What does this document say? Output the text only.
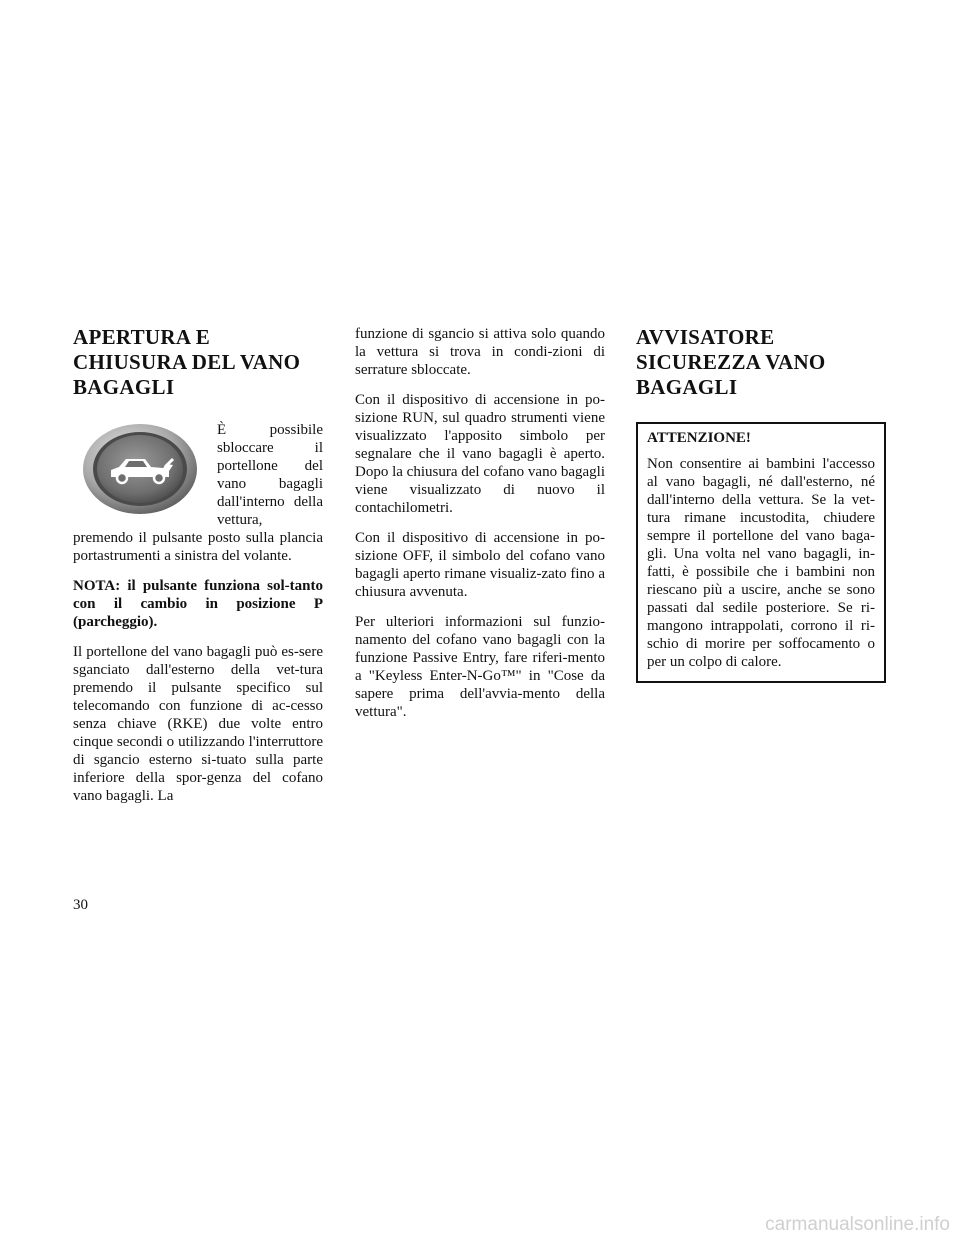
APERTURA E CHIUSURA DEL VANO BAGAGLI

È possibile sbloccare il portellone del vano bagagli dall'interno della vettura, premendo il pulsante posto sulla plancia portastrumenti a sinistra del volante.

NOTA: il pulsante funziona sol-tanto con il cambio in posizione P (parcheggio).

Il portellone del vano bagagli può es-sere sganciato dall'esterno della vet-tura premendo il pulsante specifico sul telecomando con funzione di ac-cesso senza chiave (RKE) due volte entro cinque secondi o utilizzando l'interruttore di sgancio esterno si-tuato sulla parte inferiore della spor-genza del cofano vano bagagli. La

funzione di sgancio si attiva solo quando la vettura si trova in condi-zioni di serrature sbloccate.

Con il dispositivo di accensione in po-sizione RUN, sul quadro strumenti viene visualizzato l'apposito simbolo per segnalare che il vano bagagli è aperto. Dopo la chiusura del cofano vano bagagli viene visualizzato di nuovo il contachilometri.

Con il dispositivo di accensione in po-sizione OFF, il simbolo del cofano vano bagagli aperto rimane visualiz-zato fino a chiusura avvenuta.

Per ulteriori informazioni sul funzio-namento del cofano vano bagagli con la funzione Passive Entry, fare riferi-mento a "Keyless Enter-N-Go™" in "Cose da sapere prima dell'avvia-mento della vettura".

AVVISATORE SICUREZZA VANO BAGAGLI
ATTENZIONE!

Non consentire ai bambini l'accesso al vano bagagli, né dall'esterno, né dall'interno della vettura. Se la vet-tura rimane incustodita, chiudere sempre il portellone del vano baga-gli. Una volta nel vano bagagli, in-fatti, è possibile che i bambini non riescano più a uscire, anche se sono passati dal sedile posteriore. Se ri-mangono intrappolati, corrono il ri-schio di morire per soffocamento o per un colpo di calore.

30
carmanualsonline.info
